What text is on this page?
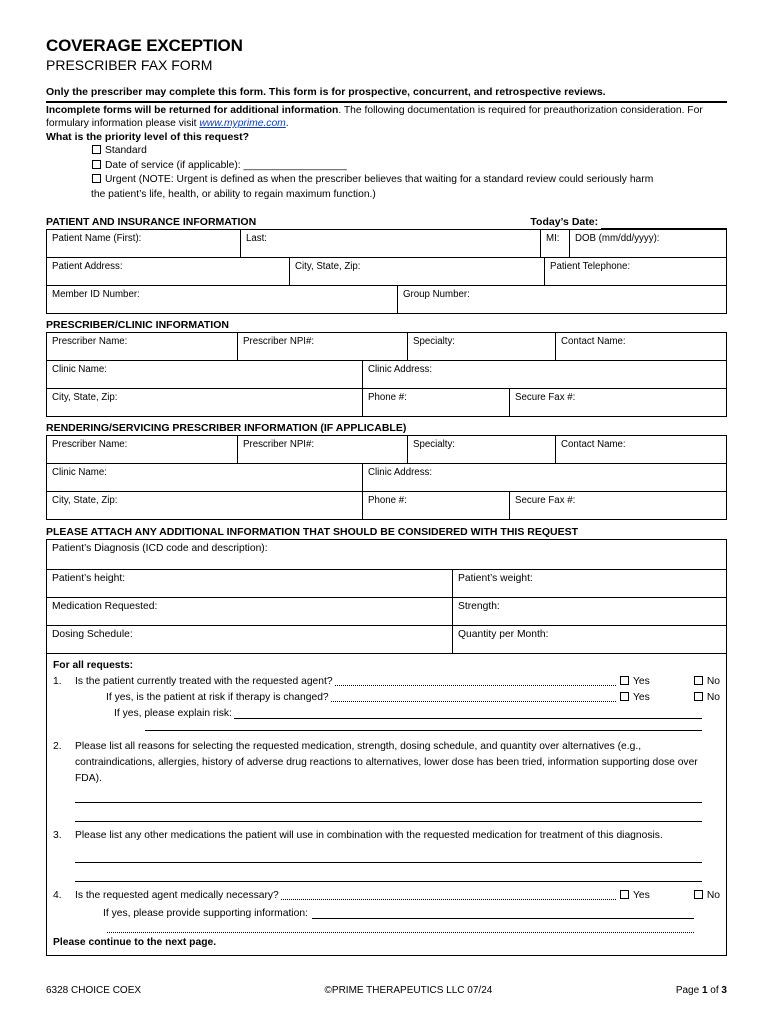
COVERAGE EXCEPTION
PRESCRIBER FAX FORM
Only the prescriber may complete this form. This form is for prospective, concurrent, and retrospective reviews.
Incomplete forms will be returned for additional information. The following documentation is required for preauthorization consideration. For formulary information please visit www.myprime.com.
What is the priority level of this request?
Standard
Date of service (if applicable): __________________
Urgent (NOTE: Urgent is defined as when the prescriber believes that waiting for a standard review could seriously harm
the patient’s life, health, or ability to regain maximum function.)
PATIENT AND INSURANCE INFORMATION	Today’s Date:
Patient Name (First):	Last:	MI:	DOB (mm/dd/yyyy):
Patient Address:	City, State, Zip:	Patient Telephone:
Member ID Number:	Group Number:
PRESCRIBER/CLINIC INFORMATION
Prescriber Name:	Prescriber NPI#:	Specialty:	Contact Name:
Clinic Name:	Clinic Address:	
City, State, Zip:	Phone #:	Secure Fax #:
RENDERING/SERVICING PRESCRIBER INFORMATION (IF APPLICABLE)
Prescriber Name:	Prescriber NPI#:	Specialty:	Contact Name:
Clinic Name:	Clinic Address:	
City, State, Zip:	Phone #:	Secure Fax #:
PLEASE ATTACH ANY ADDITIONAL INFORMATION THAT SHOULD BE CONSIDERED WITH THIS REQUEST
Patient’s Diagnosis (ICD code and description):	
Patient’s height:	Patient’s weight:
Medication Requested:	Strength:
Dosing Schedule:	Quantity per Month:
For all requests:
1.	Is the patient currently treated with the requested agent?	Yes	No
If yes, is the patient at risk if therapy is changed?	Yes	No
If yes, please explain risk:
2.	Please list all reasons for selecting the requested medication, strength, dosing schedule, and quantity over alternatives (e.g., contraindications, allergies, history of adverse drug reactions to alternatives, lower dose has been tried, information supporting dose over FDA).
3.	Please list any other medications the patient will use in combination with the requested medication for treatment of this diagnosis.
4.	Is the requested agent medically necessary?	Yes	No
If yes, please provide supporting information:
Please continue to the next page.
6328 CHOICE COEX	©PRIME THERAPEUTICS LLC 07/24	Page 1 of 3
